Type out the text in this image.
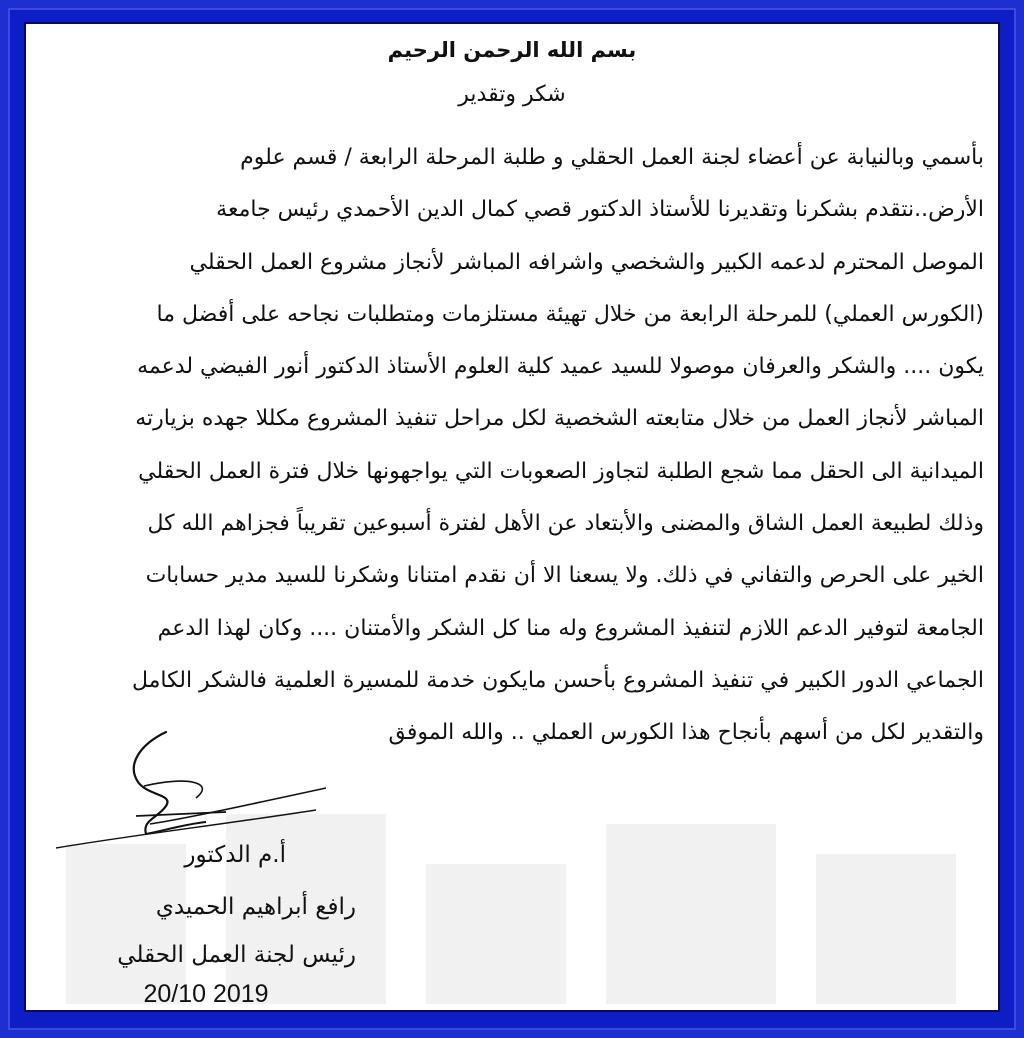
بسم الله الرحمن الرحيم
شكر وتقدير
بأسمي وبالنيابة عن أعضاء لجنة العمل الحقلي و طلبة المرحلة الرابعة / قسم علوم
الأرض..نتقدم بشكرنا وتقديرنا للأستاذ الدكتور قصي كمال الدين الأحمدي رئيس جامعة
الموصل المحترم لدعمه الكبير والشخصي واشرافه المباشر لأنجاز مشروع العمل الحقلي
(الكورس العملي) للمرحلة الرابعة من خلال تهيئة مستلزمات ومتطلبات نجاحه على أفضل ما
يكون .... والشكر والعرفان موصولا للسيد عميد كلية العلوم الأستاذ الدكتور أنور الفيضي لدعمه
المباشر لأنجاز العمل من خلال متابعته الشخصية لكل مراحل تنفيذ المشروع مكللا جهده بزيارته
الميدانية الى الحقل مما شجع الطلبة لتجاوز الصعوبات التي يواجهونها خلال فترة العمل الحقلي
وذلك لطبيعة العمل الشاق والمضنى والأبتعاد عن الأهل لفترة أسبوعين تقريباً فجزاهم الله كل
الخير على الحرص والتفاني في ذلك. ولا يسعنا الا أن نقدم امتنانا وشكرنا للسيد مدير حسابات
الجامعة لتوفير الدعم اللازم لتنفيذ المشروع وله منا كل الشكر والأمتنان .... وكان لهذا الدعم
الجماعي الدور الكبير في تنفيذ المشروع بأحسن مايكون خدمة للمسيرة العلمية فالشكر الكامل
والتقدير لكل من أسهم بأنجاح هذا الكورس العملي .. والله الموفق
أ.م الدكتور
رافع أبراهيم الحميدي
رئيس لجنة العمل الحقلي
20/10 2019
